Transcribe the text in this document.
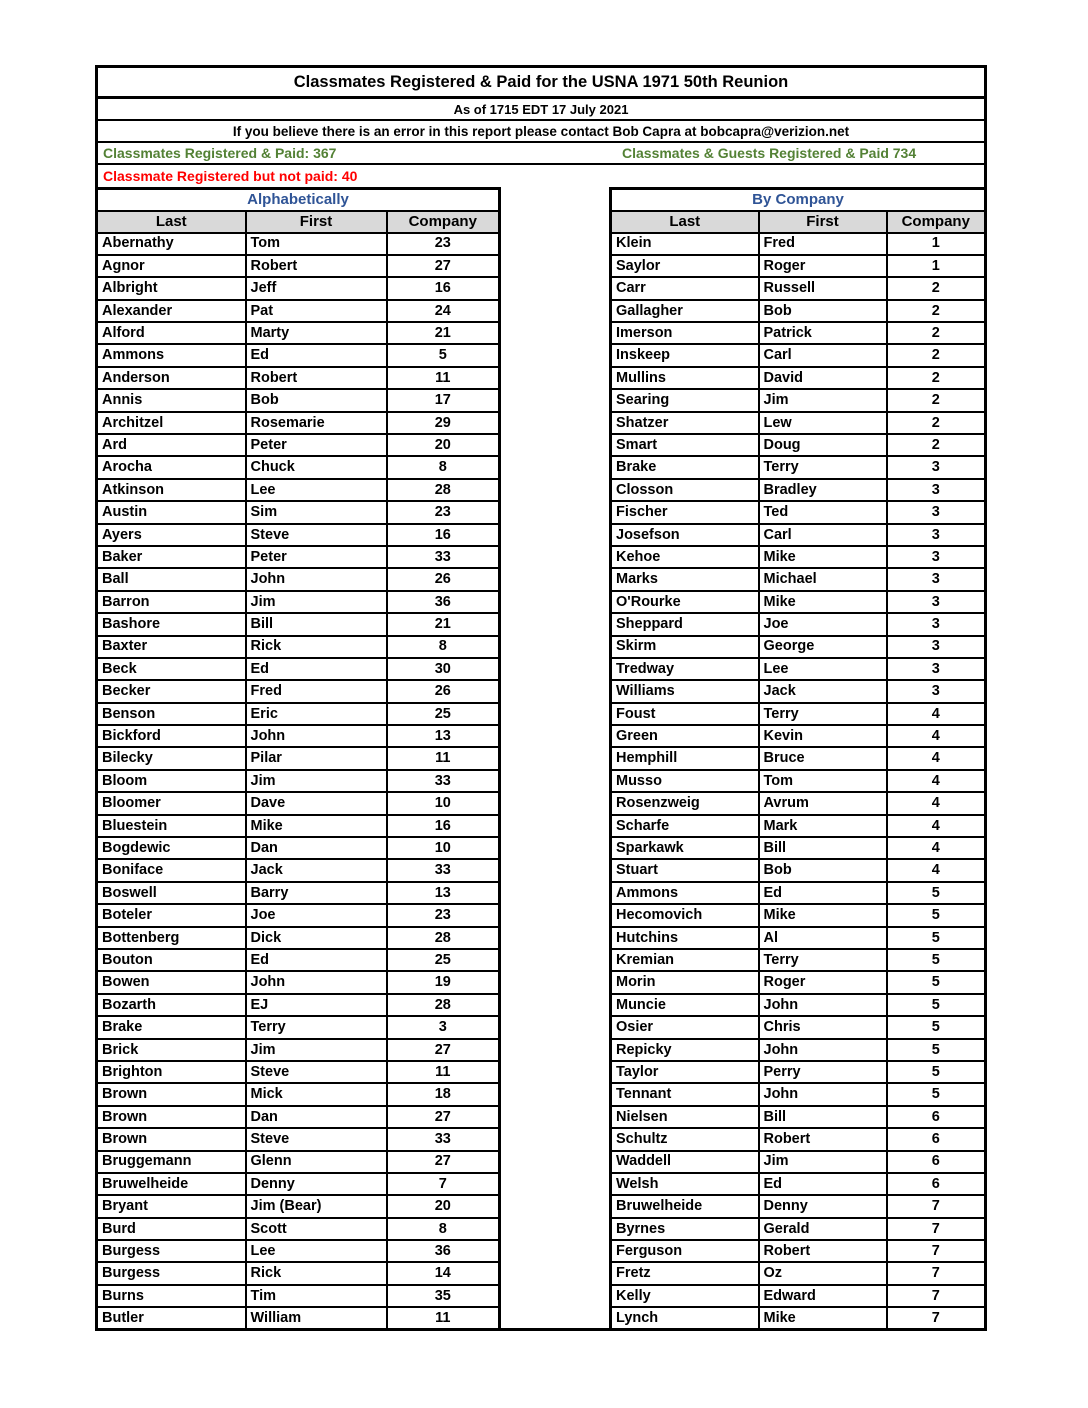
Classmates Registered & Paid for the USNA 1971 50th Reunion
As of 1715 EDT 17 July 2021
If you believe there is an error in this report please contact Bob Capra at bobcapra@verizion.net
Classmates Registered & Paid: 367	Classmates & Guests Registered & Paid 734
Classmate Registered but not paid: 40
Alphabetically		
Last	First	Company
Abernathy	Tom	23
Agnor	Robert	27
Albright	Jeff	16
Alexander	Pat	24
Alford	Marty	21
Ammons	Ed	5
Anderson	Robert	11
Annis	Bob	17
Architzel	Rosemarie	29
Ard	Peter	20
Arocha	Chuck	8
Atkinson	Lee	28
Austin	Sim	23
Ayers	Steve	16
Baker	Peter	33
Ball	John	26
Barron	Jim	36
Bashore	Bill	21
Baxter	Rick	8
Beck	Ed	30
Becker	Fred	26
Benson	Eric	25
Bickford	John	13
Bilecky	Pilar	11
Bloom	Jim	33
Bloomer	Dave	10
Bluestein	Mike	16
Bogdewic	Dan	10
Boniface	Jack	33
Boswell	Barry	13
Boteler	Joe	23
Bottenberg	Dick	28
Bouton	Ed	25
Bowen	John	19
Bozarth	EJ	28
Brake	Terry	3
Brick	Jim	27
Brighton	Steve	11
Brown	Mick	18
Brown	Dan	27
Brown	Steve	33
Bruggemann	Glenn	27
Bruwelheide	Denny	7
Bryant	Jim (Bear)	20
Burd	Scott	8
Burgess	Lee	36
Burgess	Rick	14
Burns	Tim	35
Butler	William	11
By Company		
Last	First	Company
Klein	Fred	1
Saylor	Roger	1
Carr	Russell	2
Gallagher	Bob	2
Imerson	Patrick	2
Inskeep	Carl	2
Mullins	David	2
Searing	Jim	2
Shatzer	Lew	2
Smart	Doug	2
Brake	Terry	3
Closson	Bradley	3
Fischer	Ted	3
Josefson	Carl	3
Kehoe	Mike	3
Marks	Michael	3
O'Rourke	Mike	3
Sheppard	Joe	3
Skirm	George	3
Tredway	Lee	3
Williams	Jack	3
Foust	Terry	4
Green	Kevin	4
Hemphill	Bruce	4
Musso	Tom	4
Rosenzweig	Avrum	4
Scharfe	Mark	4
Sparkawk	Bill	4
Stuart	Bob	4
Ammons	Ed	5
Hecomovich	Mike	5
Hutchins	Al	5
Kremian	Terry	5
Morin	Roger	5
Muncie	John	5
Osier	Chris	5
Repicky	John	5
Taylor	Perry	5
Tennant	John	5
Nielsen	Bill	6
Schultz	Robert	6
Waddell	Jim	6
Welsh	Ed	6
Bruwelheide	Denny	7
Byrnes	Gerald	7
Ferguson	Robert	7
Fretz	Oz	7
Kelly	Edward	7
Lynch	Mike	7
